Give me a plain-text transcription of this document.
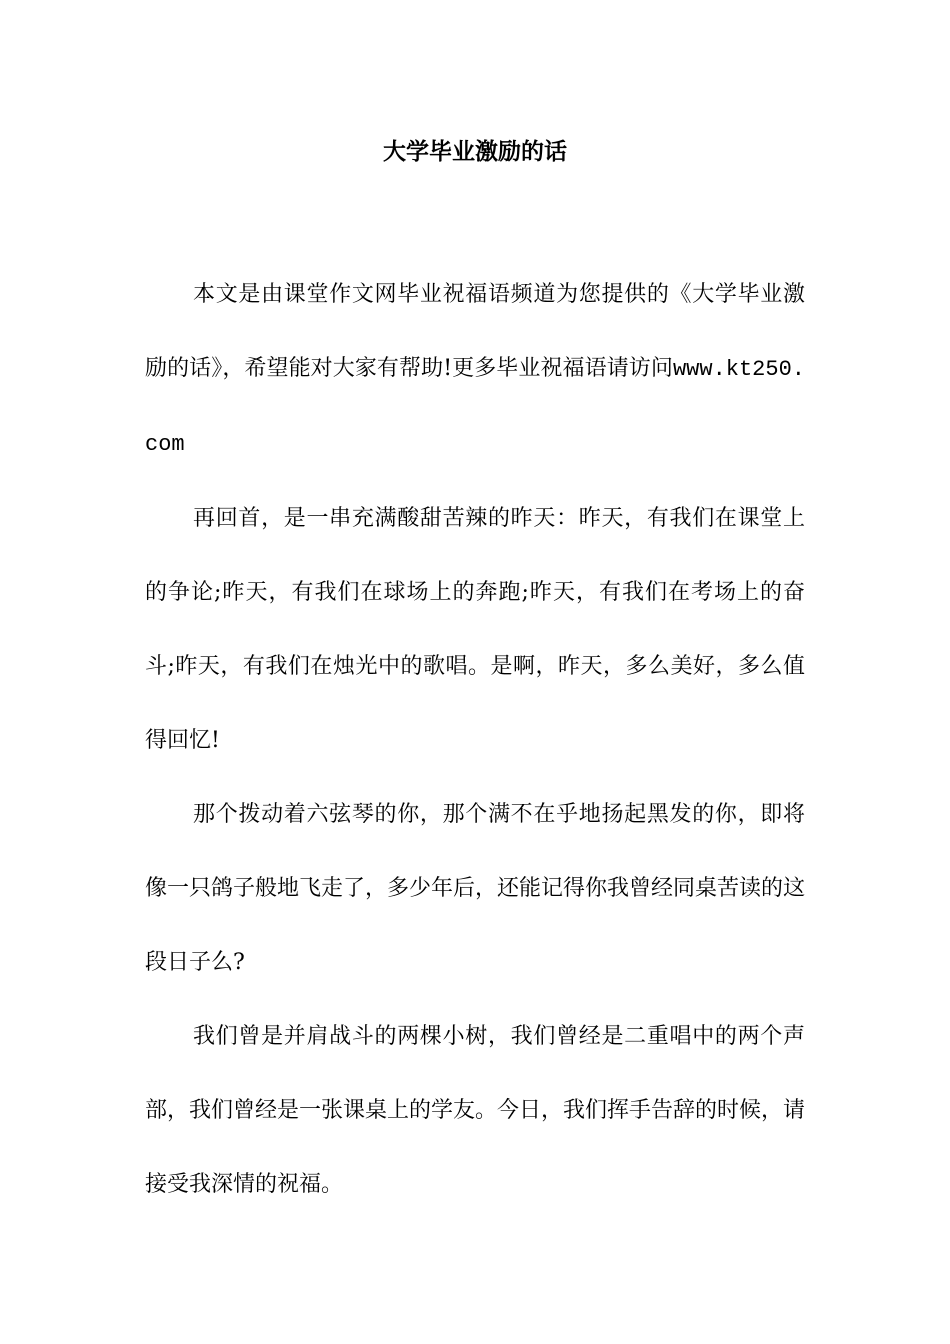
大学毕业激励的话

本文是由课堂作文网毕业祝福语频道为您提供的《大学毕业激励的话》，希望能对大家有帮助!更多毕业祝福语请访问www.kt250.com

再回首，是一串充满酸甜苦辣的昨天：昨天，有我们在课堂上的争论;昨天，有我们在球场上的奔跑;昨天，有我们在考场上的奋斗;昨天，有我们在烛光中的歌唱。是啊，昨天，多么美好，多么值得回忆!

那个拨动着六弦琴的你，那个满不在乎地扬起黑发的你，即将像一只鸽子般地飞走了，多少年后，还能记得你我曾经同桌苦读的这段日子么?

我们曾是并肩战斗的两棵小树，我们曾经是二重唱中的两个声部，我们曾经是一张课桌上的学友。今日，我们挥手告辞的时候，请接受我深情的祝福。
